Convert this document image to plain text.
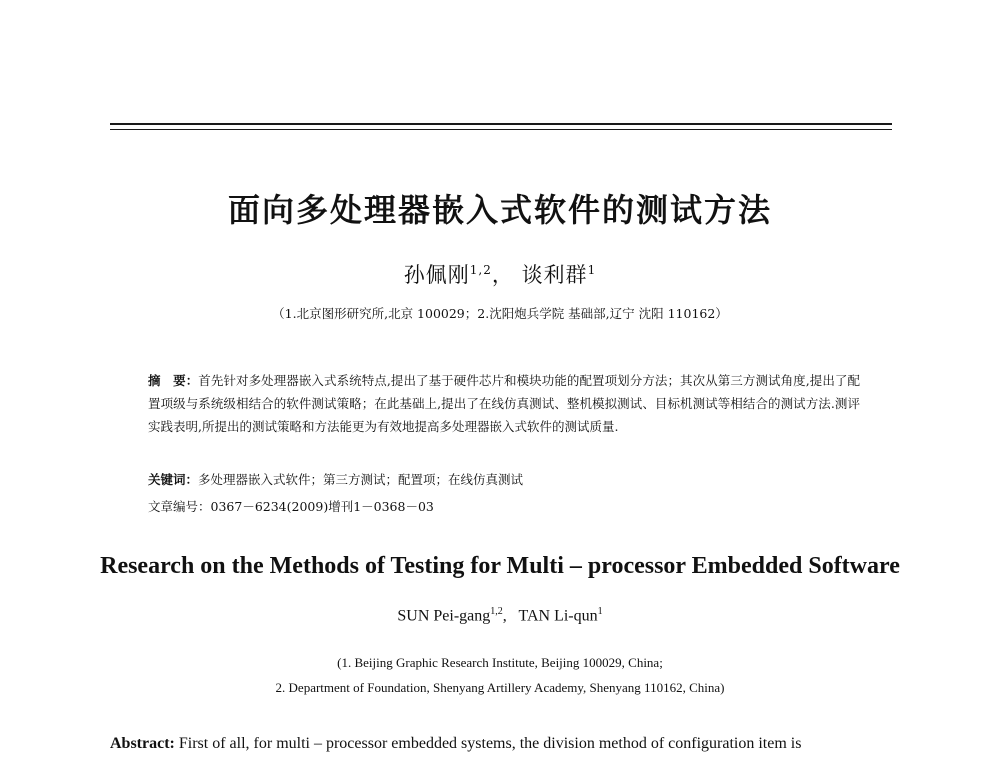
面向多处理器嵌入式软件的测试方法
孙佩刚$^{1,2}$， 谈利群$^1$
（1.北京图形研究所,北京 100029；2.沈阳炮兵学院 基础部,辽宁 沈阳 110162）
摘　要：首先针对多处理器嵌入式系统特点,提出了基于硬件芯片和模块功能的配置项划分方法；其次从第三方测试角度,提出了配置项级与系统级相结合的软件测试策略；在此基础上,提出了在线仿真测试、整机模拟测试、目标机测试等相结合的测试方法.测评实践表明,所提出的测试策略和方法能更为有效地提高多处理器嵌入式软件的测试质量.
关键词：多处理器嵌入式软件；第三方测试；配置项；在线仿真测试
文章编号：0367－6234(2009)增刊1－0368－03
Research on the Methods of Testing for Multi – processor Embedded Software
SUN Pei-gang$^{1,2}$,   TAN Li-qun$^1$
(1. Beijing Graphic Research Institute, Beijing 100029, China;
2. Department of Foundation, Shenyang Artillery Academy, Shenyang 110162, China)
Abstract: First of all, for multi – processor embedded systems, the division method of configuration item is
